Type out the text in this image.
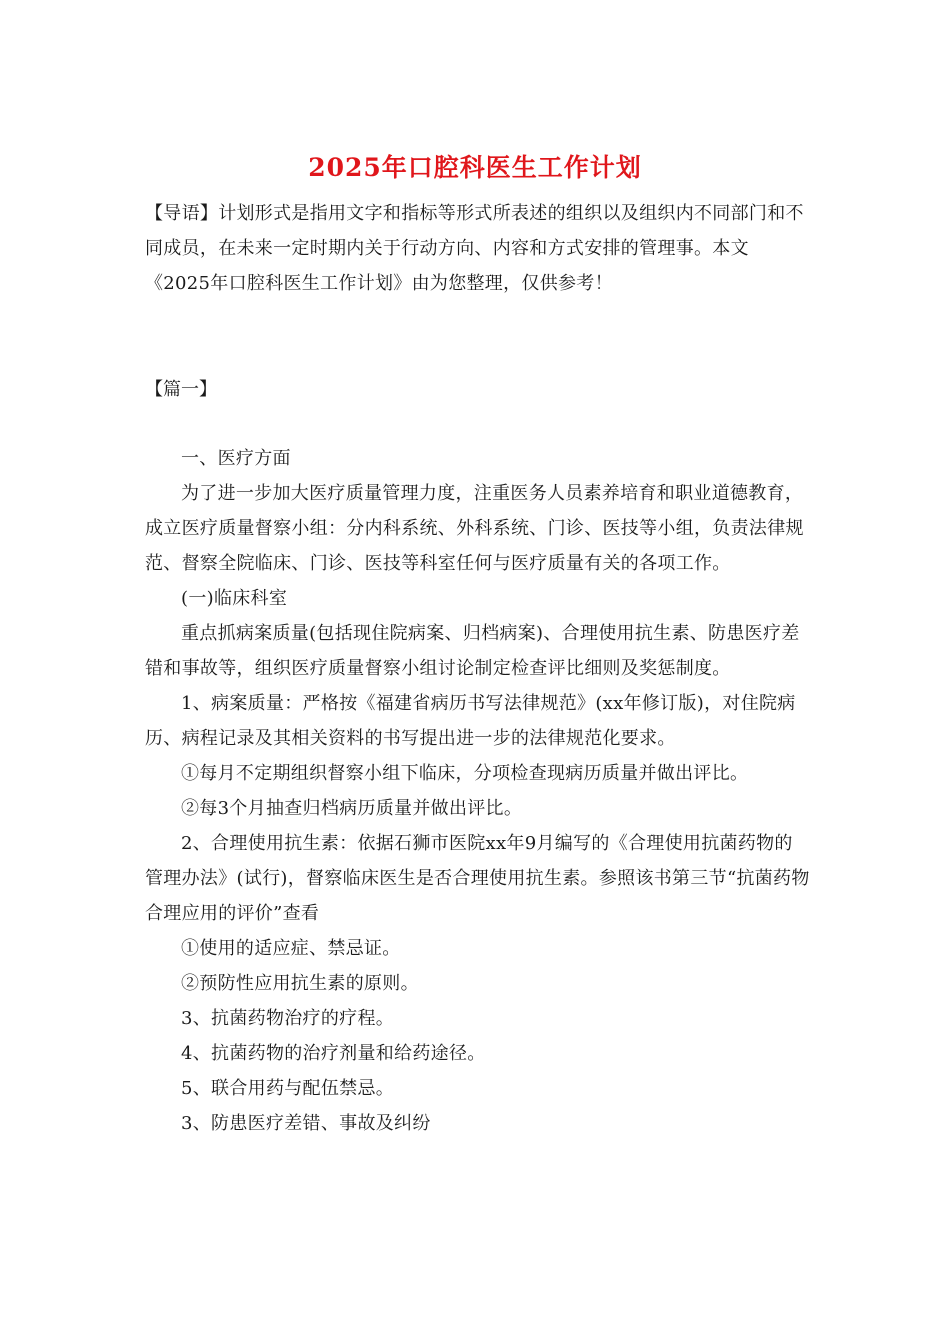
2025年口腔科医生工作计划
【导语】计划形式是指用文字和指标等形式所表述的组织以及组织内不同部门和不同成员，在未来一定时期内关于行动方向、内容和方式安排的管理事。本文《2025年口腔科医生工作计划》由为您整理，仅供参考！
【篇一】

一、医疗方面

为了进一步加大医疗质量管理力度，注重医务人员素养培育和职业道德教育，成立医疗质量督察小组：分内科系统、外科系统、门诊、医技等小组，负责法律规范、督察全院临床、门诊、医技等科室任何与医疗质量有关的各项工作。

(一)临床科室

重点抓病案质量(包括现住院病案、归档病案)、合理使用抗生素、防患医疗差错和事故等，组织医疗质量督察小组讨论制定检查评比细则及奖惩制度。

1、病案质量：严格按《福建省病历书写法律规范》(xx年修订版)，对住院病历、病程记录及其相关资料的书写提出进一步的法律规范化要求。

①每月不定期组织督察小组下临床，分项检查现病历质量并做出评比。

②每3个月抽查归档病历质量并做出评比。

2、合理使用抗生素：依据石狮市医院xx年9月编写的《合理使用抗菌药物的管理办法》(试行)，督察临床医生是否合理使用抗生素。参照该书第三节“抗菌药物合理应用的评价”查看

①使用的适应症、禁忌证。

②预防性应用抗生素的原则。

3、抗菌药物治疗的疗程。

4、抗菌药物的治疗剂量和给药途径。

5、联合用药与配伍禁忌。

3、防患医疗差错、事故及纠纷
